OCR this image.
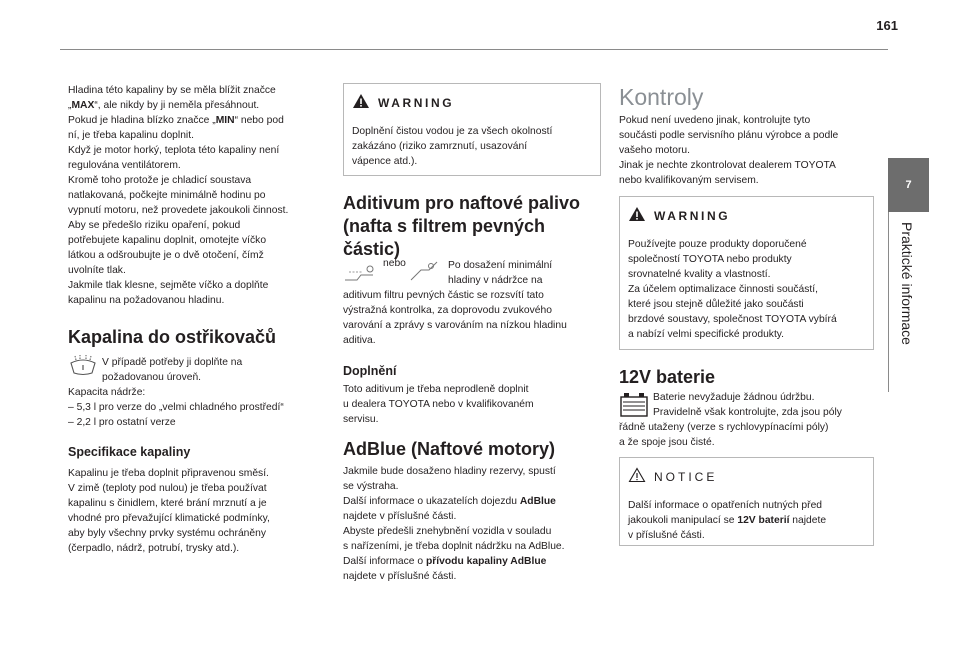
161
7
Praktické informace

Hladina této kapaliny by se měla blížit značce
„MAX“, ale nikdy by ji neměla přesáhnout.
Pokud je hladina blízko značce „MIN“ nebo pod
ní, je třeba kapalinu doplnit.
Když je motor horký, teplota této kapaliny není
regulována ventilátorem.
Kromě toho protože je chladicí soustava
natlakovaná, počkejte minimálně hodinu po
vypnutí motoru, než provedete jakoukoli činnost.
Aby se předešlo riziku opaření, pokud
potřebujete kapalinu doplnit, omotejte víčko
látkou a odšroubujte je o dvě otočení, čímž
uvolníte tlak.
Jakmile tlak klesne, sejměte víčko a doplňte
kapalinu na požadovanou hladinu.

Kapalina do ostřikovačů

V případě potřeby ji doplňte na
požadovanou úroveň.

Kapacita nádrže:
– 5,3 l pro verze do „velmi chladného prostředí“
– 2,2 l pro ostatní verze

Specifikace kapaliny

Kapalinu je třeba doplnit připravenou směsí.
V zimě (teploty pod nulou) je třeba používat
kapalinu s činidlem, které brání mrznutí a je
vhodné pro převažující klimatické podmínky,
aby byly všechny prvky systému ochráněny
(čerpadlo, nádrž, potrubí, trysky atd.).

WARNING

Doplnění čistou vodou je za všech okolností
zakázáno (riziko zamrznutí, usazování
vápence atd.).

Aditivum pro naftové palivo
(nafta s filtrem pevných
částic)
nebo	Po dosažení minimální
hladiny v nádržce na

aditivum filtru pevných částic se rozsvítí tato
výstražná kontrolka, za doprovodu zvukového
varování a zprávy s varováním na nízkou hladinu
aditiva.

Doplnění

Toto aditivum je třeba neprodleně doplnit
u dealera TOYOTA nebo v kvalifikovaném
servisu.

AdBlue (Naftové motory)

Jakmile bude dosaženo hladiny rezervy, spustí
se výstraha.
Další informace o ukazatelích dojezdu AdBlue
najdete v příslušné části.
Abyste předešli znehybnění vozidla v souladu
s nařízeními, je třeba doplnit nádržku na AdBlue.
Další informace o přívodu kapaliny AdBlue
najdete v příslušné části.

Kontroly

Pokud není uvedeno jinak, kontrolujte tyto
součásti podle servisního plánu výrobce a podle
vašeho motoru.
Jinak je nechte zkontrolovat dealerem TOYOTA
nebo kvalifikovaným servisem.

WARNING

Používejte pouze produkty doporučené
společností TOYOTA nebo produkty
srovnatelné kvality a vlastností.
Za účelem optimalizace činnosti součástí,
které jsou stejně důležité jako součásti
brzdové soustavy, společnost TOYOTA vybírá
a nabízí velmi specifické produkty.

12V baterie

Baterie nevyžaduje žádnou údržbu.
Pravidelně však kontrolujte, zda jsou póly

řádně utaženy (verze s rychlovypínacími póly)
a že spoje jsou čisté.

NOTICE

Další informace o opatřeních nutných před
jakoukoli manipulací se 12V baterií najdete
v příslušné části.
